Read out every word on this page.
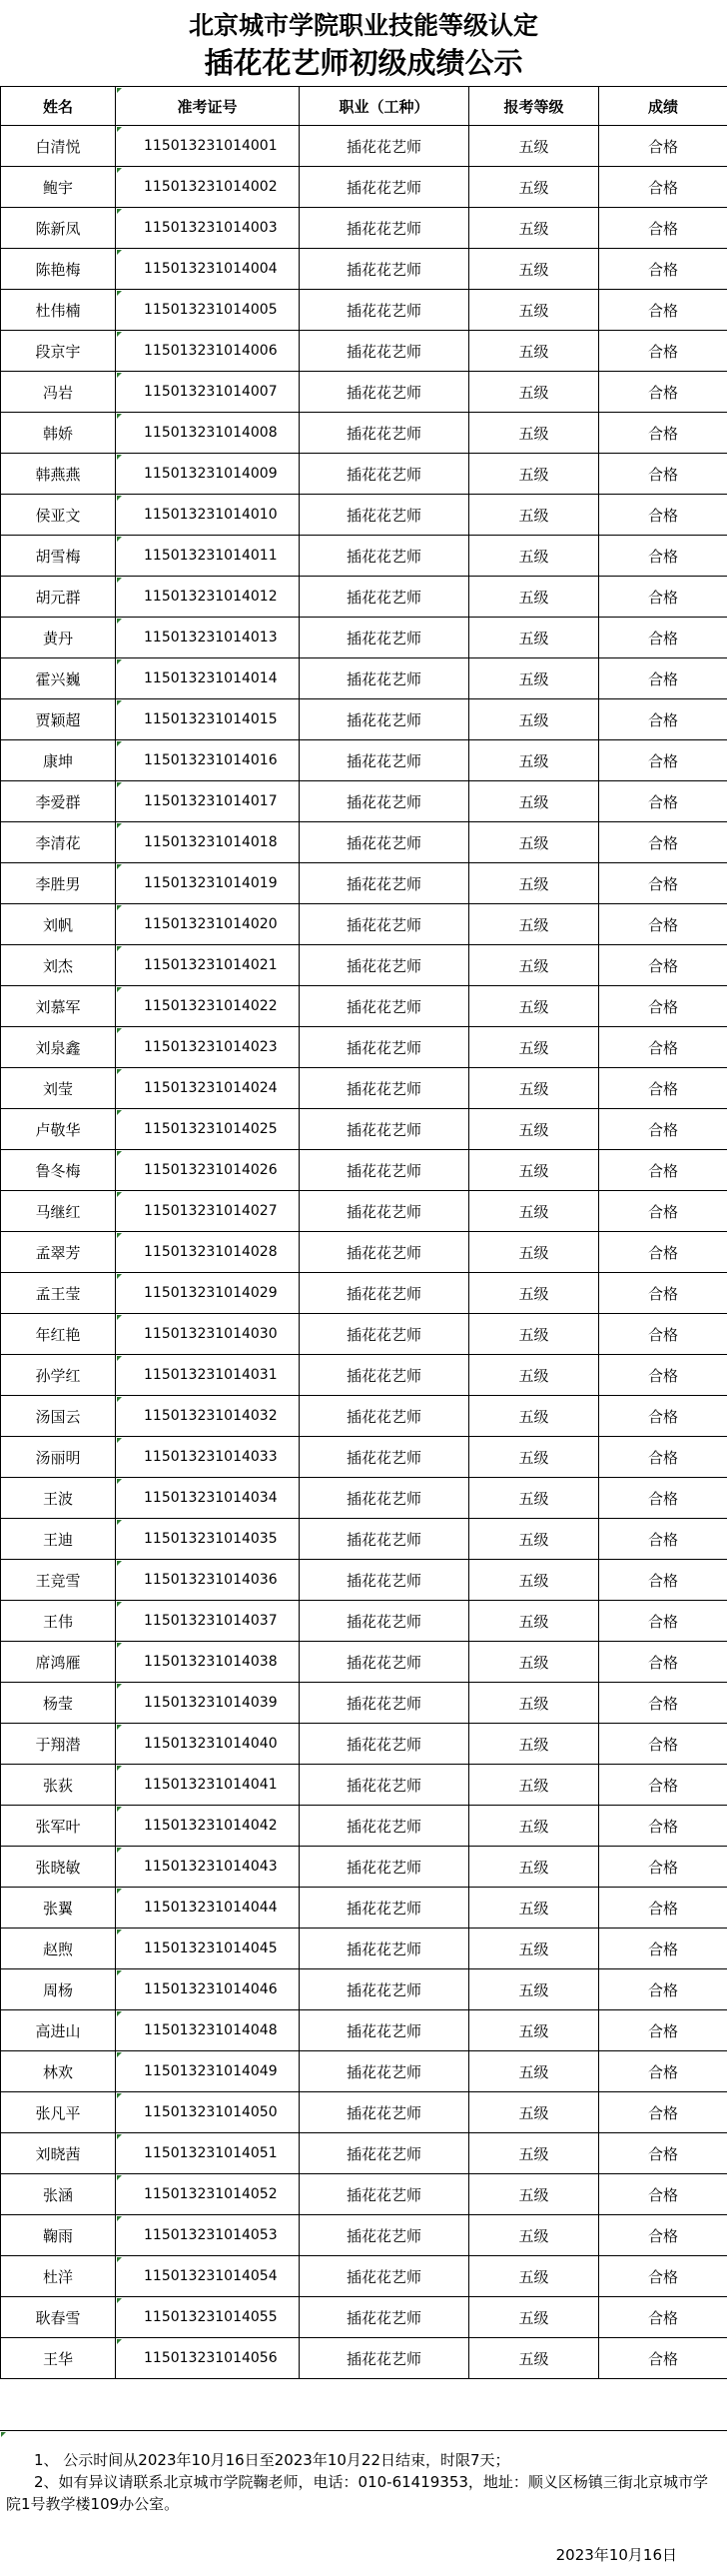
北京城市学院职业技能等级认定
插花花艺师初级成绩公示
姓名	准考证号	职业（工种）	报考等级	成绩
白清悦	115013231014001	插花花艺师	五级	合格
鲍宇	115013231014002	插花花艺师	五级	合格
陈新凤	115013231014003	插花花艺师	五级	合格
陈艳梅	115013231014004	插花花艺师	五级	合格
杜伟楠	115013231014005	插花花艺师	五级	合格
段京宇	115013231014006	插花花艺师	五级	合格
冯岩	115013231014007	插花花艺师	五级	合格
韩娇	115013231014008	插花花艺师	五级	合格
韩燕燕	115013231014009	插花花艺师	五级	合格
侯亚文	115013231014010	插花花艺师	五级	合格
胡雪梅	115013231014011	插花花艺师	五级	合格
胡元群	115013231014012	插花花艺师	五级	合格
黄丹	115013231014013	插花花艺师	五级	合格
霍兴巍	115013231014014	插花花艺师	五级	合格
贾颖超	115013231014015	插花花艺师	五级	合格
康坤	115013231014016	插花花艺师	五级	合格
李爱群	115013231014017	插花花艺师	五级	合格
李清花	115013231014018	插花花艺师	五级	合格
李胜男	115013231014019	插花花艺师	五级	合格
刘帆	115013231014020	插花花艺师	五级	合格
刘杰	115013231014021	插花花艺师	五级	合格
刘慕军	115013231014022	插花花艺师	五级	合格
刘泉鑫	115013231014023	插花花艺师	五级	合格
刘莹	115013231014024	插花花艺师	五级	合格
卢敬华	115013231014025	插花花艺师	五级	合格
鲁冬梅	115013231014026	插花花艺师	五级	合格
马继红	115013231014027	插花花艺师	五级	合格
孟翠芳	115013231014028	插花花艺师	五级	合格
孟王莹	115013231014029	插花花艺师	五级	合格
年红艳	115013231014030	插花花艺师	五级	合格
孙学红	115013231014031	插花花艺师	五级	合格
汤国云	115013231014032	插花花艺师	五级	合格
汤丽明	115013231014033	插花花艺师	五级	合格
王波	115013231014034	插花花艺师	五级	合格
王迪	115013231014035	插花花艺师	五级	合格
王竞雪	115013231014036	插花花艺师	五级	合格
王伟	115013231014037	插花花艺师	五级	合格
席鸿雁	115013231014038	插花花艺师	五级	合格
杨莹	115013231014039	插花花艺师	五级	合格
于翔潜	115013231014040	插花花艺师	五级	合格
张荻	115013231014041	插花花艺师	五级	合格
张军叶	115013231014042	插花花艺师	五级	合格
张晓敏	115013231014043	插花花艺师	五级	合格
张翼	115013231014044	插花花艺师	五级	合格
赵煦	115013231014045	插花花艺师	五级	合格
周杨	115013231014046	插花花艺师	五级	合格
高进山	115013231014048	插花花艺师	五级	合格
林欢	115013231014049	插花花艺师	五级	合格
张凡平	115013231014050	插花花艺师	五级	合格
刘晓茜	115013231014051	插花花艺师	五级	合格
张涵	115013231014052	插花花艺师	五级	合格
鞠雨	115013231014053	插花花艺师	五级	合格
杜洋	115013231014054	插花花艺师	五级	合格
耿春雪	115013231014055	插花花艺师	五级	合格
王华	115013231014056	插花花艺师	五级	合格

1、 公示时间从2023年10月16日至2023年10月22日结束，时限7天；

2、如有异议请联系北京城市学院鞠老师，电话：010-61419353，地址：顺义区杨镇三街北京城市学院1号教学楼109办公室。

2023年10月16日
